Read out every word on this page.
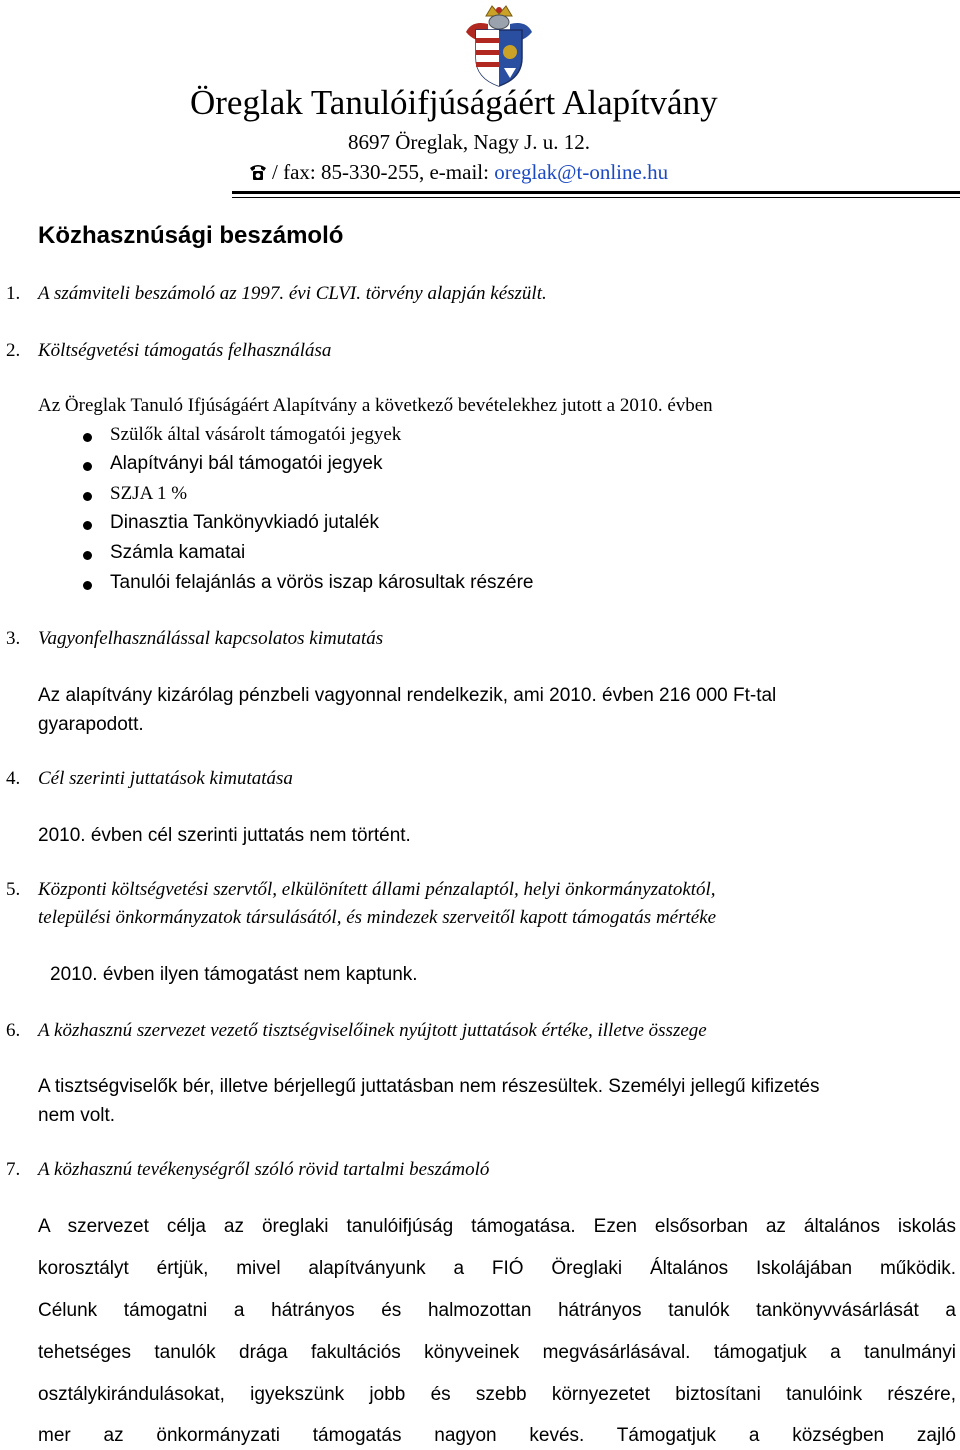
Öreglak Tanulóifjúságáért Alapítvány
8697 Öreglak, Nagy J. u. 12.
/ fax: 85-330-255, e-mail: oreglak@t-online.hu
Közhasznúsági beszámoló
1. A számviteli beszámoló az 1997. évi CLVI. törvény alapján készült.
2. Költségvetési támogatás felhasználása
Az Öreglak Tanuló Ifjúságáért Alapítvány a következő bevételekhez jutott a 2010. évben
Szülők által vásárolt támogatói jegyek
Alapítványi bál támogatói jegyek
SZJA 1 %
Dinasztia Tankönyvkiadó jutalék
Számla kamatai
Tanulói felajánlás a vörös iszap károsultak részére
3. Vagyonfelhasználással kapcsolatos kimutatás
Az alapítvány kizárólag pénzbeli vagyonnal rendelkezik, ami 2010. évben 216 000 Ft-tal
gyarapodott.
4. Cél szerinti juttatások kimutatása
2010. évben cél szerinti juttatás nem történt.
5. Központi költségvetési szervtől, elkülönített állami pénzalaptól, helyi önkormányzatoktól,
települési önkormányzatok társulásától, és mindezek szerveitől kapott támogatás mértéke
2010. évben ilyen támogatást nem kaptunk.
6. A közhasznú szervezet vezető tisztségviselőinek nyújtott juttatások értéke, illetve összege
A tisztségviselők bér, illetve bérjellegű juttatásban nem részesültek. Személyi jellegű kifizetés
nem volt.
7. A közhasznú tevékenységről szóló rövid tartalmi beszámoló
A szervezet célja az öreglaki tanulóifjúság támogatása. Ezen elsősorban az általános iskolás
korosztályt értjük, mivel alapítványunk a FIÓ Öreglaki Általános Iskolájában működik.
Célunk támogatni a hátrányos és halmozottan hátrányos tanulók tankönyvvásárlását a
tehetséges tanulók drága fakultációs könyveinek megvásárlásával. támogatjuk a tanulmányi
osztálykirándulásokat, igyekszünk jobb és szebb környezetet biztosítani tanulóink részére,
mer az önkormányzati támogatás nagyon kevés. Támogatjuk a községben zajló
